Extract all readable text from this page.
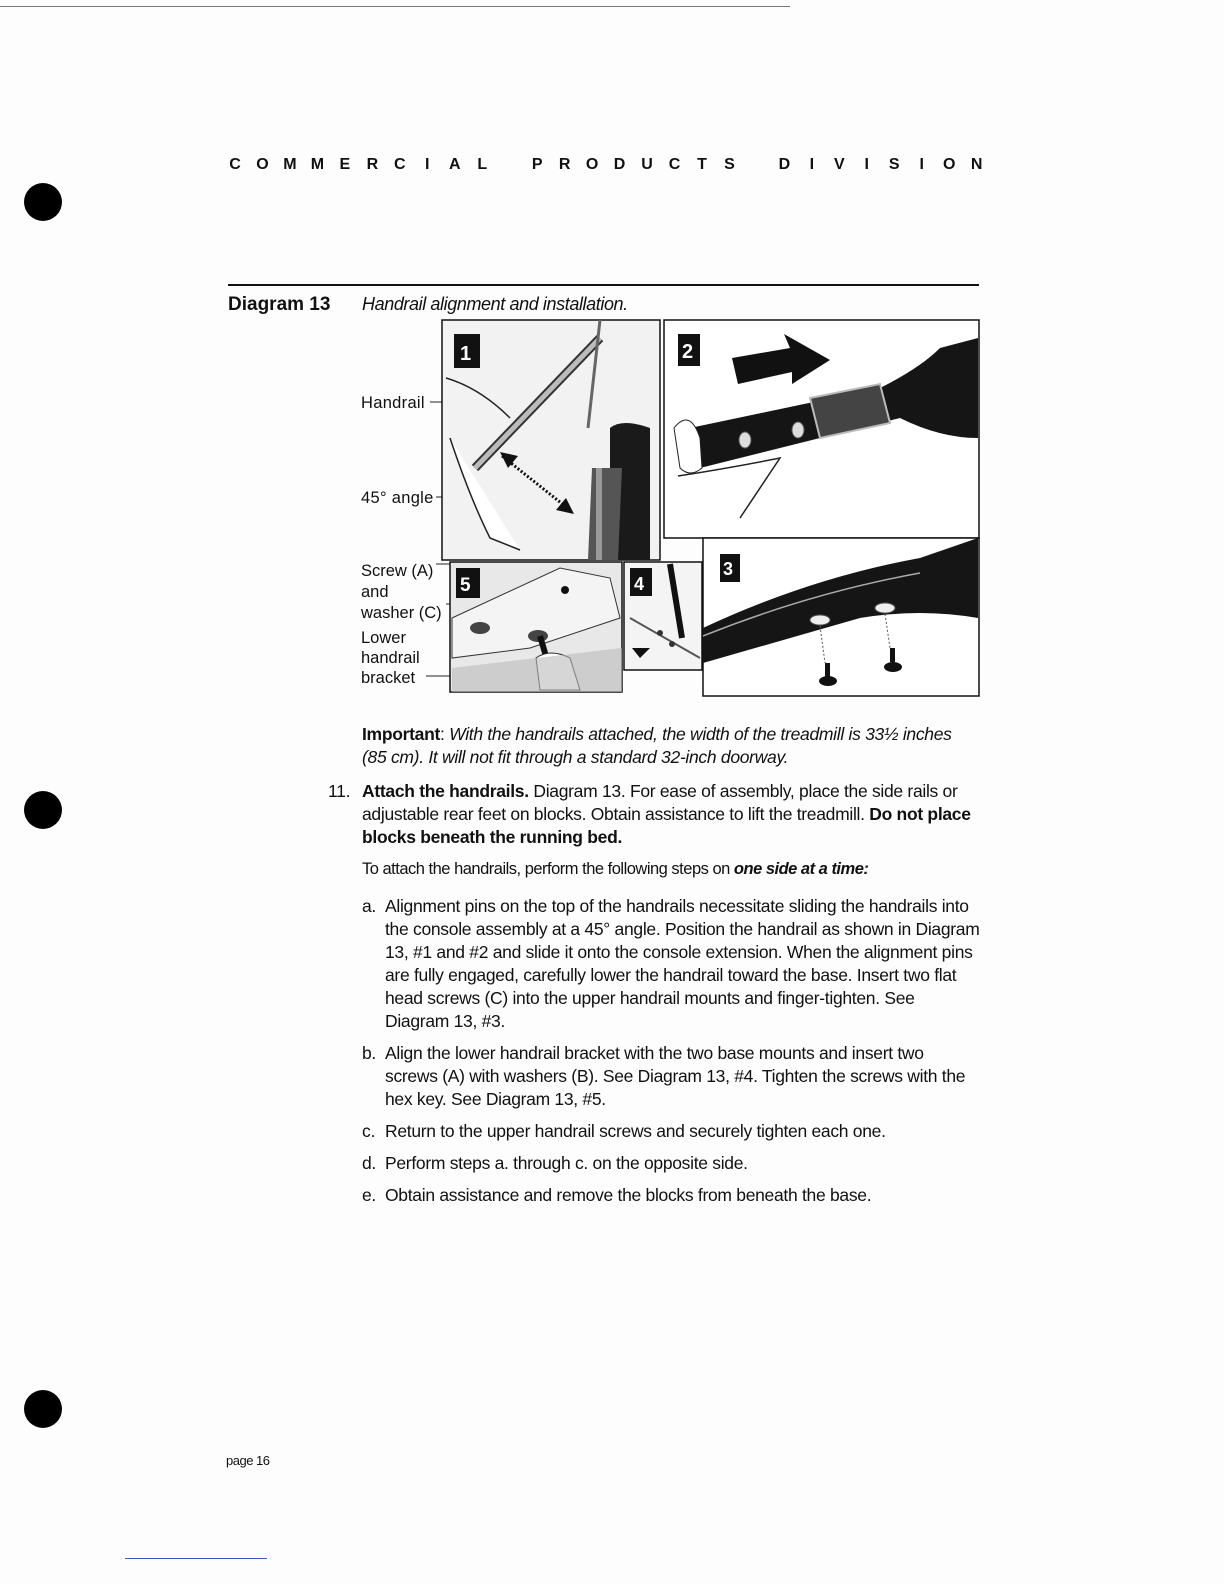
C O M M E R C I A L	P R O D U C T S	D I V I S I O N
Diagram 13 Handrail alignment and installation.
Handrail
45° angle
Screw (A)
and
washer (C)
Lower
handrail
bracket
1	2
3
5	4
Important: With the handrails attached, the width of the treadmill is 33½ inches (85 cm). It will not fit through a standard 32-inch doorway.
11. Attach the handrails. Diagram 13. For ease of assembly, place the side rails or adjustable rear feet on blocks. Obtain assistance to lift the treadmill. Do not place blocks beneath the running bed.
To attach the handrails, perform the following steps on one side at a time:
a. Alignment pins on the top of the handrails necessitate sliding the handrails into the console assembly at a 45° angle. Position the handrail as shown in Diagram 13, #1 and #2 and slide it onto the console extension. When the alignment pins are fully engaged, carefully lower the handrail toward the base. Insert two flat head screws (C) into the upper handrail mounts and finger-tighten. See Diagram 13, #3.
b. Align the lower handrail bracket with the two base mounts and insert two screws (A) with washers (B). See Diagram 13, #4. Tighten the screws with the hex key. See Diagram 13, #5.
c. Return to the upper handrail screws and securely tighten each one.
d. Perform steps a. through c. on the opposite side.
e. Obtain assistance and remove the blocks from beneath the base.
page 16
